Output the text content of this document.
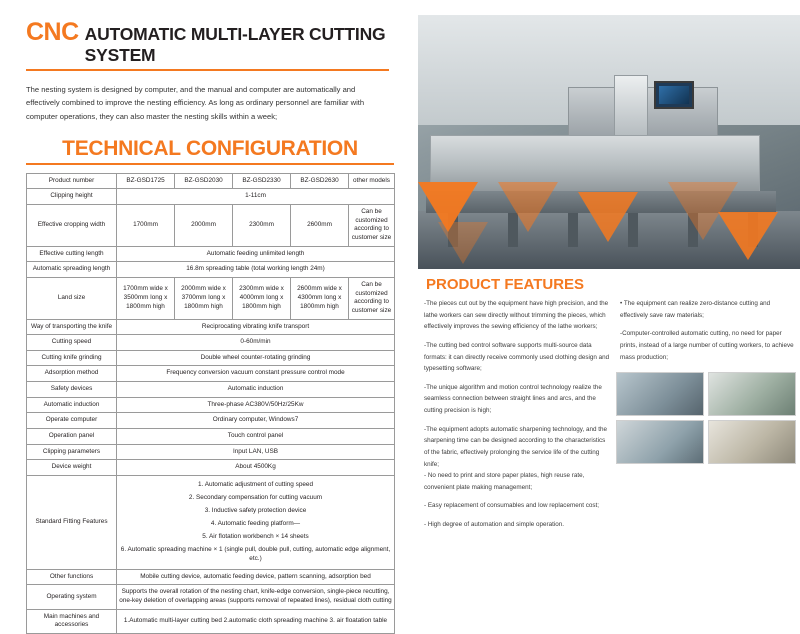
CNC AUTOMATIC MULTI-LAYER CUTTING SYSTEM
The nesting system is designed by computer, and the manual and computer are automatically and effectively combined to improve the nesting efficiency. As long as ordinary personnel are familiar with computer operations, they can also master the nesting skills within a week;
TECHNICAL CONFIGURATION
Product number	BZ-GSD1725	BZ-GSD2030	BZ-GSD2330	BZ-GSD2630	other models
Clipping height	1-11cm				
Effective cropping width	1700mm	2000mm	2300mm	2600mm	Can be customized according to customer size
Effective cutting length	Automatic feeding unlimited length				
Automatic spreading length	16.8m spreading table (total working length 24m)				
Land size	1700mm wide x 3500mm long x 1800mm high	2000mm wide x 3700mm long x 1800mm high	2300mm wide x 4000mm long x 1800mm high	2600mm wide x 4300mm long x 1800mm high	Can be customized according to customer size
Way of transporting the knife	Reciprocating vibrating knife transport				
Cutting speed	0-60m/min				
Cutting knife grinding	Double wheel counter-rotating grinding				
Adsorption method	Frequency conversion vacuum constant pressure control mode				
Safety devices	Automatic induction				
Automatic induction	Three-phase AC380V/50Hz/25Kw				
Operate computer	Ordinary computer, Windows7				
Operation panel	Touch control panel				
Clipping parameters	Input LAN, USB				
Device weight	About 4500Kg				
Standard Fitting Features	
1. Automatic adjustment of cutting speed
2. Secondary compensation for cutting vacuum
3. Inductive safety protection device
4. Automatic feeding platform—
5. Air flotation workbench × 14 sheets
6. Automatic spreading machine × 1 (single pull, double pull, cutting, automatic edge alignment, etc.)

Other functions	Mobile cutting device, automatic feeding device, pattern scanning, adsorption bed				
Operating system	Supports the overall rotation of the nesting chart, knife-edge conversion, single-piece recutting, one-key deletion of overlapping areas (supports removal of repeated lines), residual cloth cutting				
Main machines and accessories	1.Automatic multi-layer cutting bed 2.automatic cloth spreading machine 3. air floatation table				
PRODUCT FEATURES

-The pieces cut out by the equipment have high precision, and the lathe workers can sew directly without trimming the pieces, which effectively improves the sewing efficiency of the lathe workers;

-The cutting bed control software supports multi-source data formats: it can directly receive commonly used clothing design and typesetting software;

-The unique algorithm and motion control technology realize the seamless connection between straight lines and arcs, and the cutting precision is high;

-The equipment adopts automatic sharpening technology, and the sharpening time can be designed according to the characteristics of the fabric, effectively prolonging the service life of the cutting knife;

• The equipment can realize zero-distance cutting and effectively save raw materials;

-Computer-controlled automatic cutting, no need for paper prints, instead of a large number of cutting workers, to achieve mass production;

- No need to print and store paper plates, high reuse rate, convenient plate making management;

- Easy replacement of consumables and low replacement cost;

- High degree of automation and simple operation.
